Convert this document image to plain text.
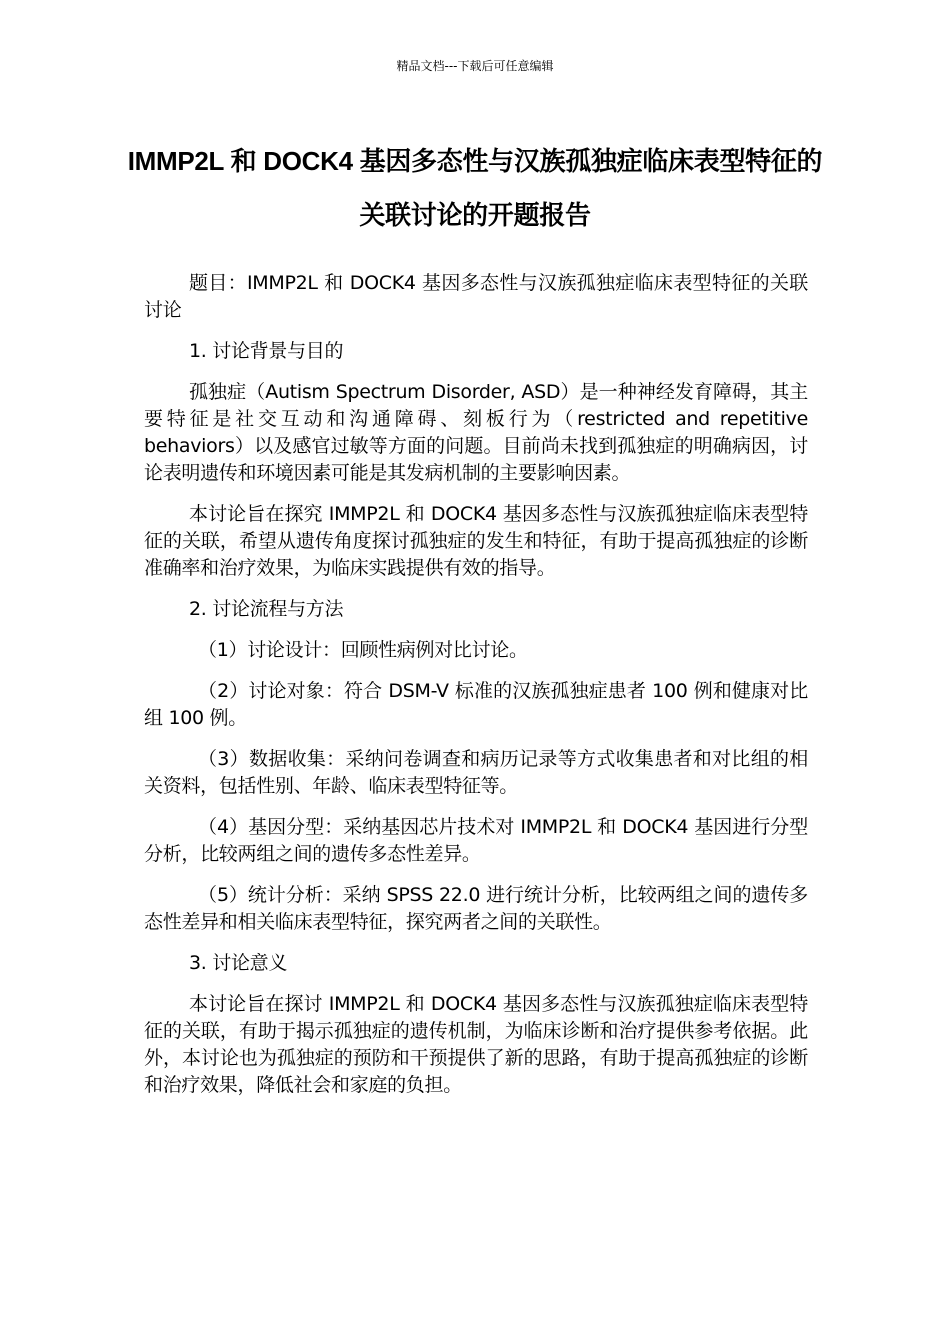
精品文档---下载后可任意编辑
IMMP2L 和 DOCK4 基因多态性与汉族孤独症临床表型特征的关联讨论的开题报告

题目：IMMP2L 和 DOCK4 基因多态性与汉族孤独症临床表型特征的关联讨论

1. 讨论背景与目的

孤独症（Autism Spectrum Disorder, ASD）是一种神经发育障碍，其主要特征是社交互动和沟通障碍、刻板行为（restricted and repetitive behaviors）以及感官过敏等方面的问题。目前尚未找到孤独症的明确病因，讨论表明遗传和环境因素可能是其发病机制的主要影响因素。

本讨论旨在探究 IMMP2L 和 DOCK4 基因多态性与汉族孤独症临床表型特征的关联，希望从遗传角度探讨孤独症的发生和特征，有助于提高孤独症的诊断准确率和治疗效果，为临床实践提供有效的指导。

2. 讨论流程与方法

（1）讨论设计：回顾性病例对比讨论。

（2）讨论对象：符合 DSM-V 标准的汉族孤独症患者 100 例和健康对比组 100 例。

（3）数据收集：采纳问卷调查和病历记录等方式收集患者和对比组的相关资料，包括性别、年龄、临床表型特征等。

（4）基因分型：采纳基因芯片技术对 IMMP2L 和 DOCK4 基因进行分型分析，比较两组之间的遗传多态性差异。

（5）统计分析：采纳 SPSS 22.0 进行统计分析，比较两组之间的遗传多态性差异和相关临床表型特征，探究两者之间的关联性。

3. 讨论意义

本讨论旨在探讨 IMMP2L 和 DOCK4 基因多态性与汉族孤独症临床表型特征的关联，有助于揭示孤独症的遗传机制，为临床诊断和治疗提供参考依据。此外，本讨论也为孤独症的预防和干预提供了新的思路，有助于提高孤独症的诊断和治疗效果，降低社会和家庭的负担。
